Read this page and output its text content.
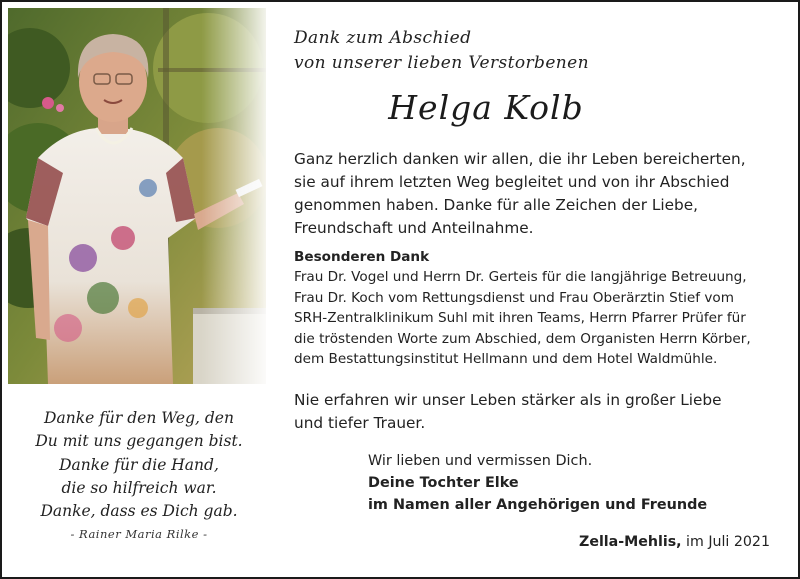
Dank zum Abschied
von unserer lieben Verstorbenen
Helga Kolb
Ganz herzlich danken wir allen, die ihr Leben bereicherten,
sie auf ihrem letzten Weg begleitet und von ihr Abschied
genommen haben. Danke für alle Zeichen der Liebe,
Freundschaft und Anteilnahme.
Besonderen Dank
Frau Dr. Vogel und Herrn Dr. Gerteis für die langjährige Betreuung,
Frau Dr. Koch vom Rettungsdienst und Frau Oberärztin Stief vom
SRH-Zentralklinikum Suhl mit ihren Teams, Herrn Pfarrer Prüfer für
die tröstenden Worte zum Abschied, dem Organisten Herrn Körber,
dem Bestattungsinstitut Hellmann und dem Hotel Waldmühle.
Nie erfahren wir unser Leben stärker als in großer Liebe
und tiefer Trauer.
Wir lieben und vermissen Dich.
Deine Tochter Elke
im Namen aller Angehörigen und Freunde
Zella-Mehlis, im Juli 2021
Danke für den Weg, den
Du mit uns gegangen bist.
Danke für die Hand,
die so hilfreich war.
Danke, dass es Dich gab.
- Rainer Maria Rilke -
